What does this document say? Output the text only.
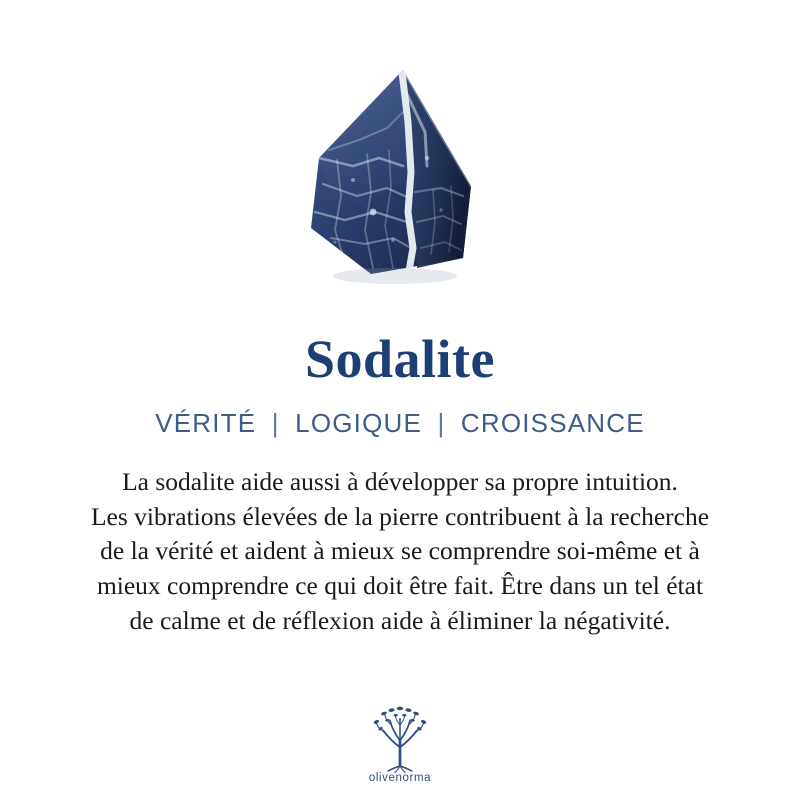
Sodalite
VÉRITÉ | LOGIQUE | CROISSANCE
La sodalite aide aussi à développer sa propre intuition.
Les vibrations élevées de la pierre contribuent à la recherche
de la vérité et aident à mieux se comprendre soi-même et à
mieux comprendre ce qui doit être fait. Être dans un tel état
de calme et de réflexion aide à éliminer la négativité.
olivenorma
